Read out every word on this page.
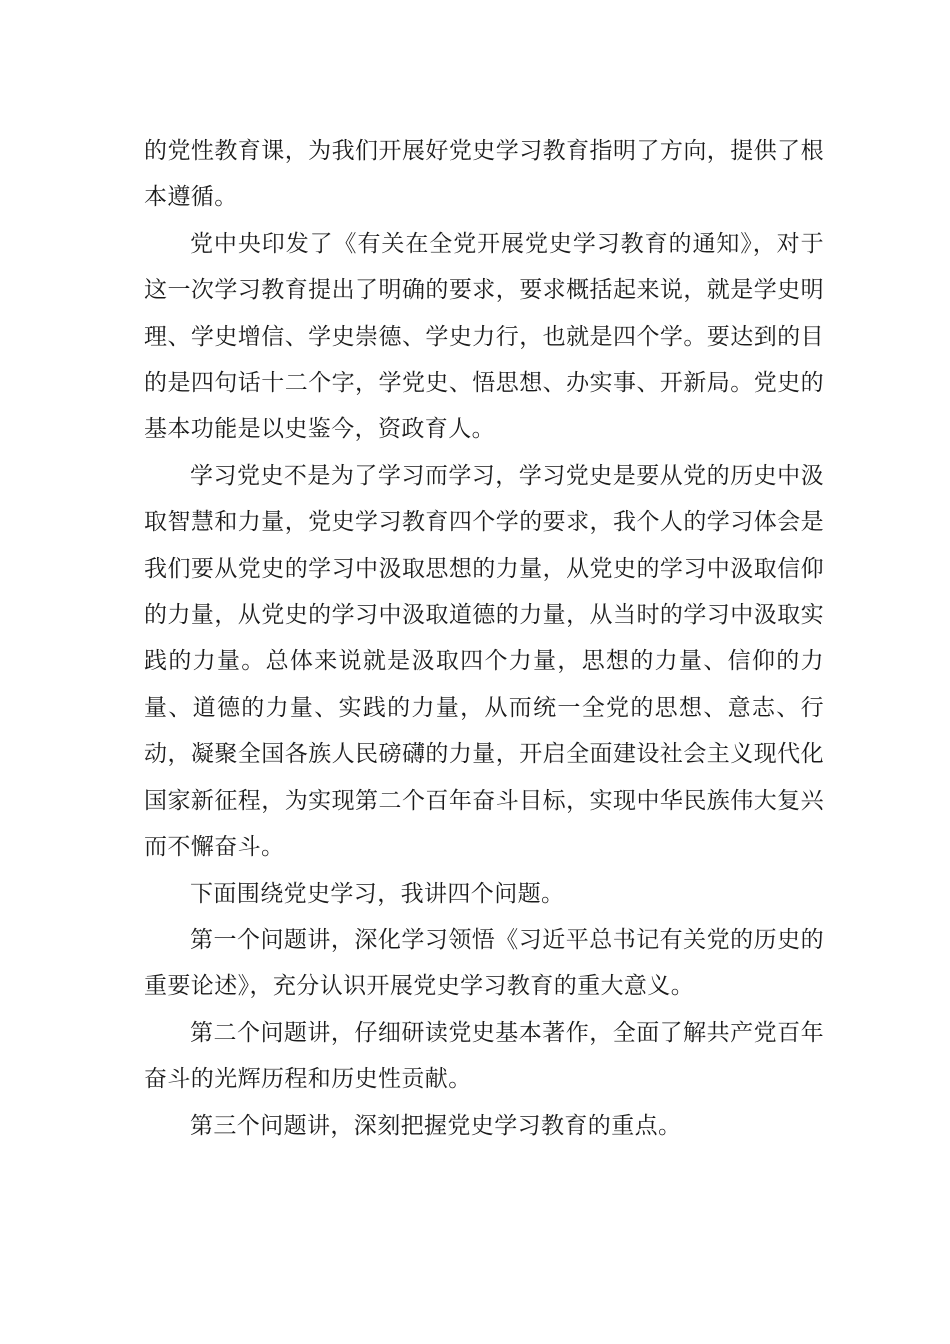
的党性教育课，为我们开展好党史学习教育指明了方向，提供了根本遵循。

党中央印发了《有关在全党开展党史学习教育的通知》，对于这一次学习教育提出了明确的要求，要求概括起来说，就是学史明理、学史增信、学史崇德、学史力行，也就是四个学。要达到的目的是四句话十二个字，学党史、悟思想、办实事、开新局。党史的基本功能是以史鉴今，资政育人。

学习党史不是为了学习而学习，学习党史是要从党的历史中汲取智慧和力量，党史学习教育四个学的要求，我个人的学习体会是我们要从党史的学习中汲取思想的力量，从党史的学习中汲取信仰的力量，从党史的学习中汲取道德的力量，从当时的学习中汲取实践的力量。总体来说就是汲取四个力量，思想的力量、信仰的力量、道德的力量、实践的力量，从而统一全党的思想、意志、行动，凝聚全国各族人民磅礴的力量，开启全面建设社会主义现代化国家新征程，为实现第二个百年奋斗目标，实现中华民族伟大复兴而不懈奋斗。

下面围绕党史学习，我讲四个问题。

第一个问题讲，深化学习领悟《习近平总书记有关党的历史的重要论述》，充分认识开展党史学习教育的重大意义。

第二个问题讲，仔细研读党史基本著作，全面了解共产党百年奋斗的光辉历程和历史性贡献。

第三个问题讲，深刻把握党史学习教育的重点。
